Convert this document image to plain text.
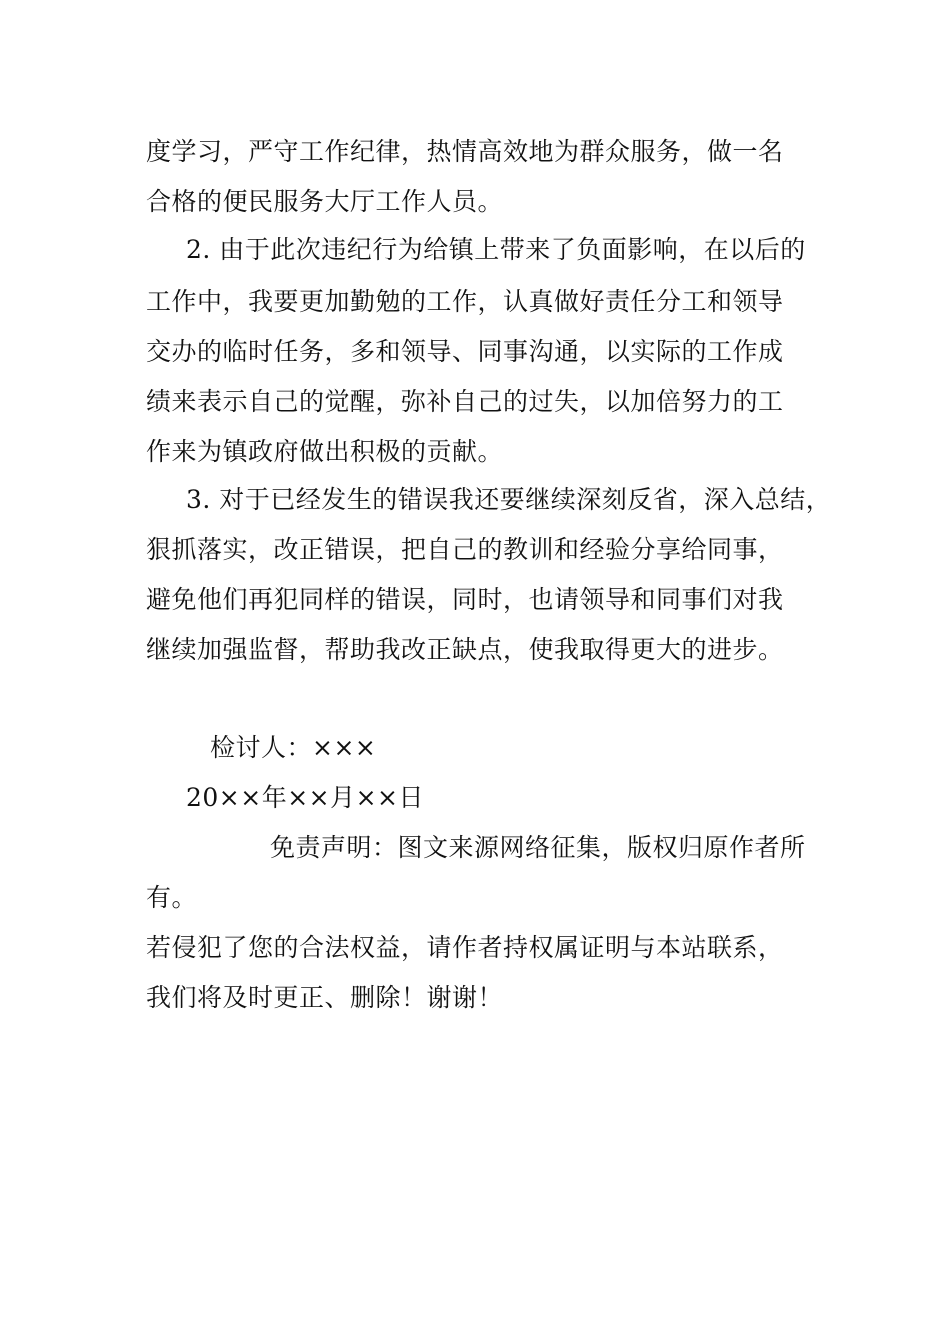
度学习，严守工作纪律，热情高效地为群众服务，做一名
合格的便民服务大厅工作人员。
2. 由于此次违纪行为给镇上带来了负面影响，在以后的
工作中，我要更加勤勉的工作，认真做好责任分工和领导
交办的临时任务，多和领导、同事沟通，以实际的工作成
绩来表示自己的觉醒，弥补自己的过失，以加倍努力的工
作来为镇政府做出积极的贡献。
3. 对于已经发生的错误我还要继续深刻反省，深入总结，
狠抓落实，改正错误，把自己的教训和经验分享给同事，
避免他们再犯同样的错误，同时，也请领导和同事们对我
继续加强监督，帮助我改正缺点，使我取得更大的进步。
检讨人：×××
20××年××月××日
免责声明：图文来源网络征集，版权归原作者所
有。
若侵犯了您的合法权益，请作者持权属证明与本站联系，
我们将及时更正、删除！谢谢！
